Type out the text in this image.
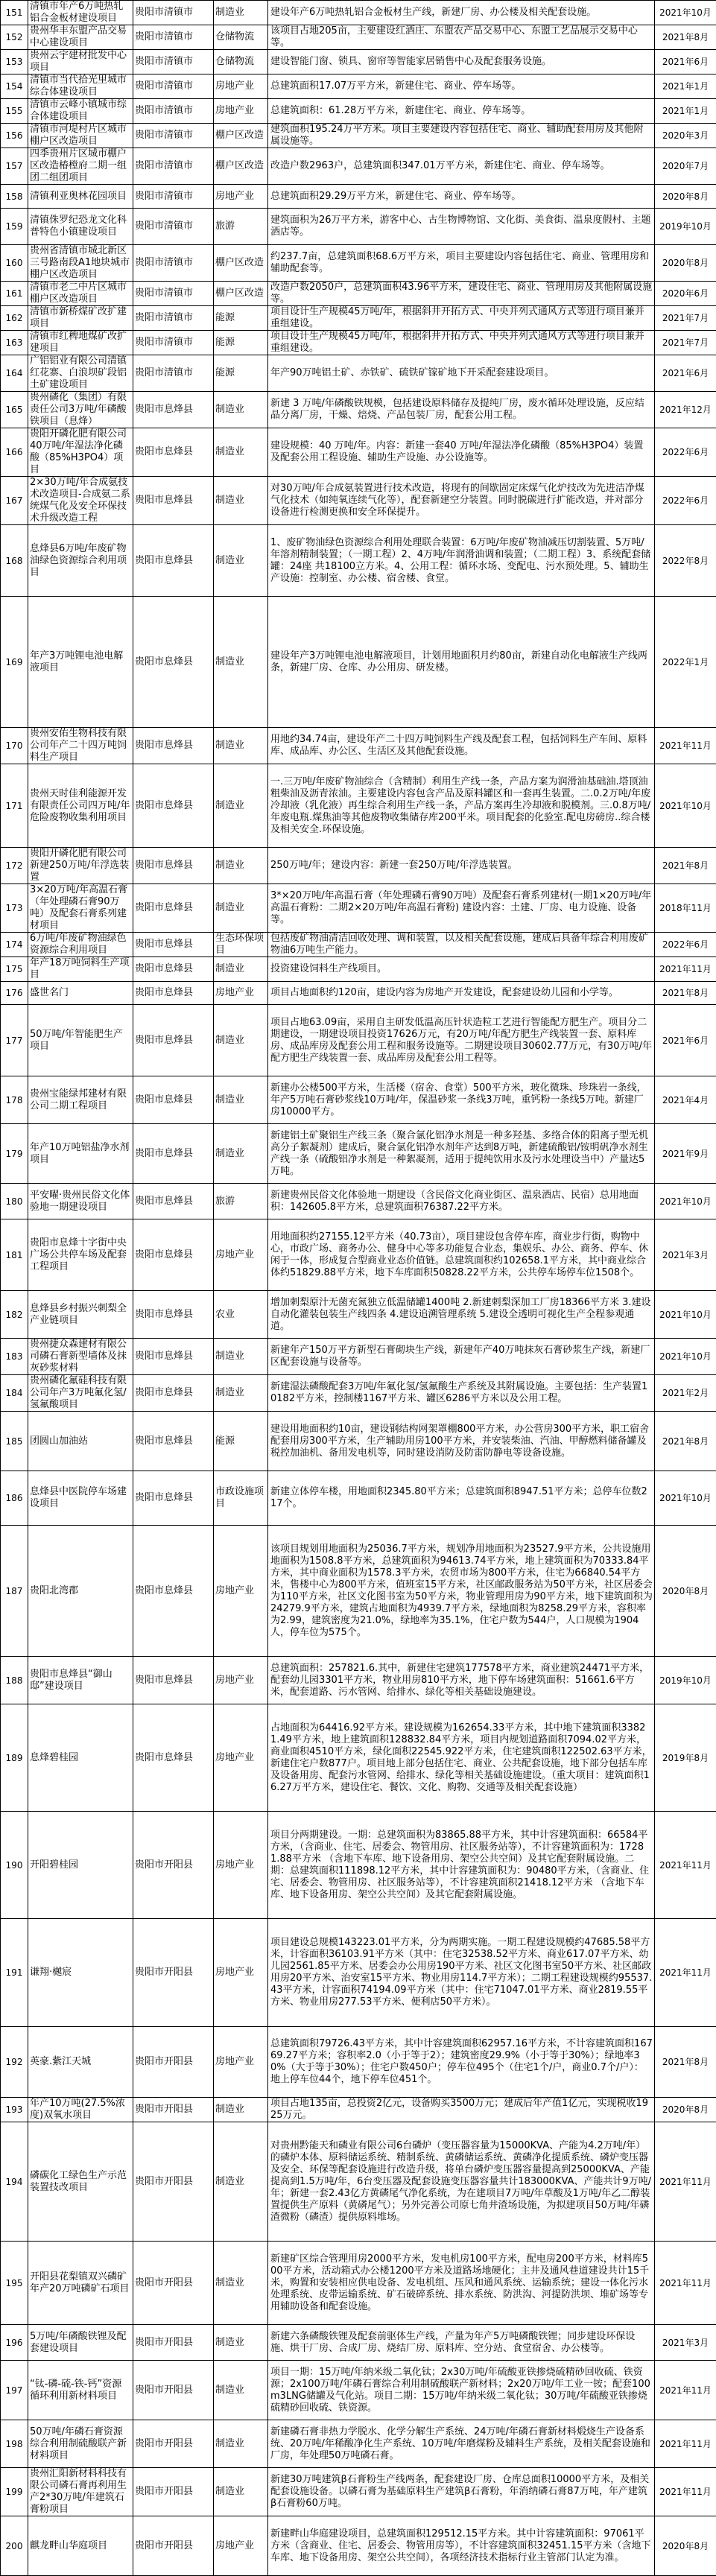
151	清镇市年产6万吨热轧铝合金板材建设项目	贵阳市清镇市	制造业	建设年产6万吨热轧铝合金板材生产线，新建厂房、办公楼及相关配套设施。	2021年10月
152	贵州华丰东盟产品交易中心建设项目	贵阳市清镇市	仓储物流	该项目占地205亩，主要建设红酒庄、东盟农产品交易中心、东盟工艺品展示交易中心等。	2021年8月
153	贵州云宇建材批发中心项目	贵阳市清镇市	仓储物流	建设智能门窗、锁具、窗帘等智能家居销售中心及配套服务设施。	2021年6月
154	清镇市当代拾光里城市综合体建设项目	贵阳市清镇市	房地产业	总建筑面积17.07万平方米，新建住宅、商业、停车场等。	2021年1月
155	清镇市云峰小镇城市综合体建设项目	贵阳市清镇市	房地产业	总建筑面积：61.28万平方米，新建住宅、商业、停车场等。	2021年1月
156	清镇市河堤村片区城市棚户区改造项目	贵阳市清镇市	棚户区改造	建筑面积195.24万平方米。项目主要建设内容包括住宅、商业、辅助配套用房及其他附属设施等。	2020年3月
157	四季贵州片区城市棚户区改造椿樘府二期一组团二组团项目	贵阳市清镇市	棚户区改造	改造户数2963户，总建筑面积347.01万平方米，新建住宅、商业、停车场等。	2020年7月
158	清镇利亚奥林花园项目	贵阳市清镇市	房地产业	总建筑面积29.29万平方米，新建住宅、商业、停车场等。	2020年8月
159	清镇侏罗纪恐龙文化科普特色小镇建设项目	贵阳市清镇市	旅游	建筑面积为26万平方米，游客中心、古生物博物馆、文化街、美食街、温泉度假村、主题酒店等。	2019年10月
160	贵州省清镇市城北新区三号路南段A1地块城市棚户区改造项目	贵阳市清镇市	棚户区改造	约237.7亩，总建筑面积68.6万平方米，项目主要建设内容包括住宅、商业、管理用房和辅助配套等。	2020年8月
161	清镇市老二中片区城市棚户区改造项目	贵阳市清镇市	棚户区改造	改造户数2050户，总建筑面积43.96平方米，建设住宅、商业、管理用房及其他附属设施等。	2020年6月
162	清镇市新桥煤矿改扩建项目	贵阳市清镇市	能源	项目设计生产规模45万吨/年，根据斜井开拓方式、中央并列式通风方式等进行项目兼并重组建设。	2021年7月
163	清镇市红稗地煤矿改扩建项目	贵阳市清镇市	能源	项目设计生产规模45万吨/年，根据斜井开拓方式、中央并列式通风方式等进行项目兼并重组建设。	2021年7月
164	广铝铝业有限公司清镇红花寨、白浪坝矿段铝土矿建设项目	贵阳市清镇市	能源	年产90万吨铝土矿、赤铁矿、硫铁矿镓矿地下开采配套建设项目。	2021年6月
165	贵州磷化（集团）有限责任公司3万吨/年磷酸铁项目（息烽）	贵阳市息烽县	制造业	新建 3 万吨/年磷酸铁规模，包括建设原料储存及提纯厂房，废水循环处理设施，反应结晶分离厂房，干燥、焙烧、产品包装厂房，配套公用工程。	2021年12月
166	贵阳开磷化肥有限公司40万吨/年湿法净化磷酸（85%H3PO4）项目	贵阳市息烽县	制造业	建设规模：40 万吨/年。内容：新建一套40 万吨/年湿法净化磷酸（85%H3PO4）装置及配套公用工程设施、辅助生产设施、办公设施等。	2022年6月
167	2×30万吨/年合成氨技术改造项目-合成氨二系统煤气化及安全环保技术升级改造工程	贵阳市息烽县	制造业	对30万吨/年合成氨装置进行技术改造，将现有的间歇固定床煤气化炉技改为先进洁净煤气化技术（如纯氧连续气化等），配套新建空分装置。同时脱碳进行扩能改造，并对部分设备进行检测更换和安全环保提升。	2022年6月
168	息烽县6万吨/年废矿物油绿色资源综合利用项目	贵阳市息烽县	制造业	1、废矿物油绿色资源综合利用处理联合装置：6万吨/年废矿物油减压切割装置、5万吨/年溶剂精制装置；（一期工程）2、4万吨/年润滑油调和装置；（二期工程）3、系统配套储罐：24座 共18100立方米。4、公用工程：循环水场、变配电、污水预处理。5、辅助生产设施：控制室、办公楼、宿舍楼、食堂。	2022年8月
169	年产3万吨锂电池电解液项目	贵阳市息烽县	制造业	建设年产3万吨锂电池电解液项目，计划用地面积月约80亩，新建自动化电解液生产线两条，新建厂房、仓库、办公用房、研发楼。	2022年1月
170	贵州安佑生物科技有限公司年产二十四万吨饲料生产项目	贵阳市息烽县	制造业	用地约34.74亩，建设年产二十四万吨饲料生产线及配套工程，包括饲料生产车间、原料库、成品库、办公区、生活区及其他配套设施。	2021年11月
171	贵州天时佳利能源开发有限责任公司四万吨/年危险废物收集利用项目	贵阳市息烽县	制造业	一.三万吨/年废矿物油综合（含精制）利用生产线一条，产品方案为润滑油基础油.塔顶油粗柴油及沥青浓油。主要建设内容包含产品及原料罐区和一套再生装置。二.0.2万吨/年废冷却液（乳化液）再生综合利用生产线一条，产品方案再生冷却液和脱模剂。三.0.8万吨/年废电瓶.煤焦油等其他废物收集储存库200平米。项目配套的化验室.配电房磅房..综合楼及相关安全.环保设施。	2021年10月
172	贵阳开磷化肥有限公司新建250万吨/年浮选装置	贵阳市息烽县	制造业	250万吨/年；建设内容：新建一套250万吨/年浮选装置。	2021年8月
173	3×20万吨/年高温石膏（年处理磷石膏90万吨）及配套石膏系列建材项目	贵阳市息烽县	制造业	3*×20万吨/年高温石膏（年处理磷石膏90万吨）及配套石膏系列建材(一期1×20万吨/年高温石膏粉：二期2×20万吨/年高温石膏粉) 建设内容：土建、厂房、电力设施、设备等。	2018年11月
174	6万吨/年废矿物油绿色资源综合利用项目	贵阳市息烽县	生态环保项目	包括废矿物油清洁回收处理、调和装置，以及相关配套设施，建成后具备年综合利用废矿物油6万吨生产能力。	2022年6月
175	年产18万吨饲料生产项目	贵阳市息烽县	制造业	投资建设饲料生产线项目。	2021年11月
176	盛世名门	贵阳市息烽县	房地产业	项目占地面积约120亩，建设内容为房地产开发建设，配套建设幼儿园和小学等。	2021年8月
177	50万吨/年智能肥生产项目	贵阳市息烽县	制造业	项目占地63.09亩，采用自主研发低温高压针状造粒工艺进行智能配方肥生产。项目分二期建设，一期建设项目投资17626万元，有20万吨/年配方肥生产线装置一套、原料库房、成品库房及配套公用工程和服务设施等。二期建设项目30602.77万元，有30万吨/年配方肥生产线装置一套、成品库房及配套公用工程等。	2021年6月
178	贵州宝能绿邦建材有限公司二期工程项目	贵阳市息烽县	制造业	新建办公楼500平方米，生活楼（宿舍、食堂）500平方米，玻化微珠、珍珠岩一条线，年产5万吨石膏砂浆线10万吨/年，保温砂浆一条线3万吨，重钙粉一条线5万吨。新建厂房10000平方。	2021年4月
179	年产10万吨铝盐净水剂项目	贵阳市息烽县	制造业	新建铝土矿聚铝生产线三条（聚合氯化铝净水剂是一种多羟基、多络合体的阳离子型无机高分子絮凝剂）建成后，聚合氯化铝净水剂年产达到8万吨，新建硫酸铝/铵明矾净水剂生产线一条（硫酸铝净水剂是一种絮凝剂，适用于提纯饮用水及污水处理设当中）产量达5万吨。	2021年9月
180	平安曜·贵州民俗文化体验地一期建设项目	贵阳市息烽县	旅游	新建贵州民俗文化体验地一期建设（含民俗文化商业街区、温泉酒店、民宿）总用地面积：142605.8平方米，总建筑面积76387.22平方米。	2021年10月
181	贵阳市息烽十字街中央广场公共停车场及配套工程项目	贵阳市息烽县	房地产业	用地面积约27155.12平方米（40.73亩），项目建设包含停车库，商业步行街，购物中心，市政广场、商务办公、健身中心等多功能复合业态，集娱乐、办公、商务、停车、休闲于一体，形成复合型商业业态价值链。总建筑面积约102658.1平方米，其中商业综合体约51829.88平方米，地下车库面积50828.22平方米，公共停车场停车位1508个。	2021年3月
182	息烽县乡村振兴刺梨全产业链项目	贵阳市息烽县	农业	增加刺梨原汁无菌充氮独立低温储罐1400吨 2.新建刺梨深加工厂房18366平方米 3.建设自动化灌装包装生产线四条 4.建设追溯管理系统 5.建设全透明可视化生产全程参观通道。	2021年10月
183	贵州捷众森建材有限公司磷石膏新型墙体及抹灰砂浆材料	贵阳市息烽县	制造业	新建年产150万平方新型石膏砌块生产线，新建年产40万吨抹灰石膏砂浆生产线，新建厂区配套设施与设备等。	2021年10月
184	贵州磷化氟硅科技有限公司年产3万吨氟化氢/氢氟酸项目	贵阳市息烽县	制造业	新建湿法磷酸配套3万吨/年氟化氢/氢氟酸生产系统及其附属设施。主要包括：生产装置10182平方米，控制楼1167平方米、罐区6286平方米以及公用工程。	2021年2月
185	团圆山加油站	贵阳市息烽县	能源	建设用地面积约10亩，建设钢结构网架罩棚800平方米，办公营房300平方米，职工宿舍配套用房300平方米，生产辅助用房100平方米，并安装柴油、汽油、甲醇燃料储备罐及税控加油机、备用发电机等，同时建设消防及防雷防静电等设备设施。	2021年8月
186	息烽县中医院停车场建设项目	贵阳市息烽县	市政设施项目	新建立体停车楼，用地面积2345.80平方米；总建筑面积8947.51平方米；总停车位数217个。	2021年10月
187	贵阳北湾郡	贵阳市息烽县	房地产业	该项目规划用地面积为25036.7平方米，规划净用地面积为23527.9平方米，公共设施用地面积为1508.8平方米，总建筑面积为94613.74平方米，地上建筑面积为70333.84平方米，其中商业面积为1578.3平方米，农贸市场为800平方米，住宅为66840.54平方米，售楼中心为800平方米，值班室15平方米，社区邮政服务站为50平方米，社区居委会为110平方米，社区文化图书室为50平方米，物业管理用房为90平方米，地下建筑面积为24279.9平方米，建筑占地面积为4939.7平方米，绿地面积为8258.29平方米，容积率为2.99，建筑密度为21.0%，绿地率为35.1%，住宅户数为544户，人口规模为1904人，停车位为575个。	2020年8月
188	贵阳市息烽县“御山邸”建设项目	贵阳市息烽县	房地产业	总建筑面积：257821.6.其中，新建住宅建筑177578平方米，商业建筑24471平方米，配套幼儿园3301平方米，物业用房810平方米，地下停车场建筑面积：51661.6平方米，配套道路、污水管网、给排水、绿化等相关基础设施建设。	2019年10月
189	息烽碧桂园	贵阳市息烽县	房地产业	占地面积为64416.92平方米。建设规模为162654.33平方米，其中地下建筑面积33821.49平方米，地上建筑面积128832.84平方米，项目内规划道路面积7094.02平方米，商业面积4510平方米，绿化面积22545.922平方米，住宅建筑面积122502.63平方米，新建住宅户数877户。项目地上部分包括住宅、商业、公共配套设施，地下部分包括车库及设备用房、配套污水管网、给排水、绿化等相关基础设施建设。（重大项目：建筑面积16.27万平方米，建设住宅、餐饮、文化、购物、交通等及相关配套设施）	2019年8月
190	开阳碧桂园	贵阳市开阳县	房地产业	项目分两期建设。一期：总建筑面积为83865.88平方米，其中计容建筑面积：66584平方米，（含商业、住宅、居委会、物管用房、社区服务站等），不计容建筑面积为：17281.88平方米 （含地下车库、地下设备用房、架空公共空间）及其它配套附属设施。二期：总建筑面积111898.12平方米，其中计容建筑面积为：90480平方米，（含商业、住宅、居委会、物管用房、社区服务站等），不计容建筑面积21418.12平方米 （含地下车库、地下设备用房、架空公共空间）及其它配套附属设施。	2021年11月
191	谦翔·樾宸	贵阳市开阳县	房地产业	项目建设总规模143223.01平方米，分为两期实施。一期工程建设规模约47685.58平方米，计容面积36103.91平方米（其中：住宅32538.52平方米、商业617.07平方米、幼儿园2561.85平方米、居委会办公用房190平方米、社区文化图书室50平方米、社区邮政用房20平方米、治安室15平方米、物业用房114.7平方米）；二期工程建设规模约95537.43平方米，计容面积74194.09平方米（其中：住宅71047.01平方米、商业2819.55平方米、物业用房277.53平方米、便利店50平方米）。	2021年11月
192	英豪.紫江天城	贵阳市开阳县	房地产业	总建筑面积79726.43平方米，其中计容建筑面积62957.16平方米，不计容建筑面积16769.27平方米；容积率2.0（小于等于2）；建筑密度29.9%（小于等于30%）；绿地率30%（大于等于30%）；住宅户数450户；停车位495个（住宅1个/户，商业0.7个/户）：地上停车位44个，地下停车位451个。	2021年8月
193	年产10万吨(27.5%浓度)双氧水项目	贵阳市开阳县	制造业	项目占地135亩，总投资2亿元，设备购买3500万元；建成后年产值1亿元，实现税收1925万元。	2020年8月
194	磷碳化工绿色生产示范装置技改项目	贵阳市开阳县	制造业	对贵州黔能天和磷业有限公司6台磷炉（变压器容量为15000KVA、产能为4.2万吨/年）的磷炉本体、原料储运系统、精制系统、黄磷储运系统、黄磷净化提质系统、磷炉变压器及安全、环保等配套设施进行改造升级，将单台磷炉变压器容量提高到25000KVA、产能提高到1.5万吨/年，6台变压器及配套设施变压器容量共计183000KVA、产能共计9万吨/年；新建一套2.43亿方黄磷尾气净化系统，为在建项目7万吨/年草酸及1万吨/年乙二醇装置提供生产原料（黄磷尾气）；另外完善公司原七角井渣场设施，为拟建项目50万吨/年磷渣微粉（磷渣）提供原料堆场。	2021年11月
195	开阳县花梨镇双兴磷矿年产20万吨磷矿石项目	贵阳市开阳县	制造业	新建矿区综合管理用房2000平方米，发电机房100平方米，配电房200平方米，材料库500平方米，活动箱式办公楼1200平方米及道路场地硬化；主井及通风巷道建设共计15千米，购置和安装相应供电设备、发电机组、压风和通风系统、运输系统；建设一体化污水处理系统、皮带运输系统、矿石破碎系统、排水系统、防洪沟、河提防洪坝、堆矿场等专用辅助设备和配套设施。	2021年11月
196	5万吨/年磷酸铁锂及配套建设项目	贵阳市开阳县	制造业	新建六条磷酸铁锂及配套前驱体生产线，产量为年产5万吨磷酸铁锂；同步建设环保设施、烘干厂房、合成厂房、烧结厂房、原料库、空分站、食堂宿舍、办公楼等。	2021年3月
197	“钛-磷-硫-铁-钙”资源循环利用新材料项目	贵阳市开阳县	制造业	项目一期：15万吨/年纳米级二氧化钛；2x30万吨/年硫酸亚铁掺烧硫精砂回收硫、铁资源；2x100万吨/年磷石膏综合利用制硫酸联产新材料；2x20万吨/年工业一铵；配套100m3LNG储罐及气化站。项目二期：15万吨/年纳米级二氧化钛；30万吨/年硫酸亚铁掺烧硫精砂回收硫、铁资源。	2021年11月
198	50万吨/年磷石膏资源综合利用制硫酸联产新材料项目	贵阳市开阳县	制造业	新建磷石膏非热力学脱水、化学分解生产系统、24万吨/年磷石膏新材料煅烧生产设备系统、20万吨/年稀酸净化生产系统、10万吨/年磨煤粉及辅料生产系统，及相关配套设施和厂房，年处理50万吨磷石膏。	2021年11月
199	贵州汇阳新材料科技有限公司磷石膏再利用生产2*30万吨/年建筑石膏粉项目	贵阳市开阳县	制造业	新建30万吨建筑β石膏粉生产线两条，配套建设厂房、仓库总面积10000平方米，及相关配套设施设备。以磷石膏为基础原料生产建筑β石膏粉，年消纳磷石膏87万吨，年产建筑β石膏粉60万吨。	2021年11月
200	麒龙畔山华庭项目	贵阳市开阳县	房地产业	新建畔山华庭建设项目，总建筑面积129512.15平方米。其中计容建筑面积：97061平方米（含商业、住宅、居委会、物管用房等），不计容建筑面积32451.15平方米（含地下车库、地下设备用房、架空公共空间），各项经济技术指标行业主管部门认定为准。	2020年8月
